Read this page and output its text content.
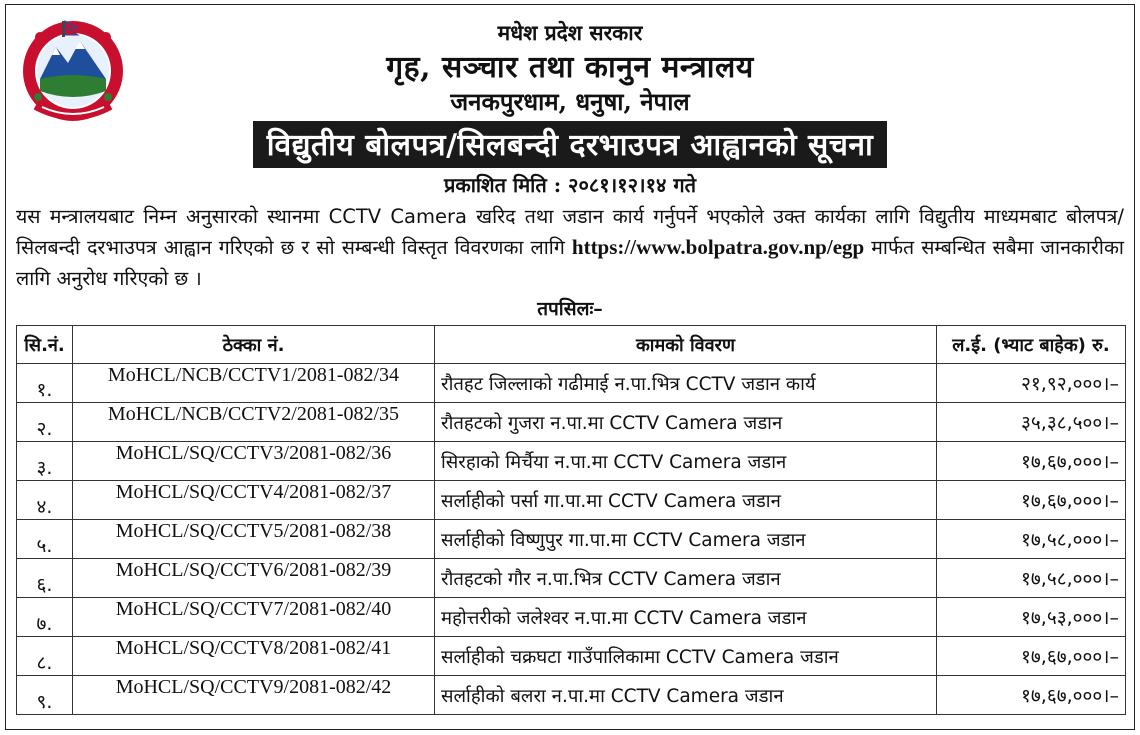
मधेश प्रदेश सरकार
गृह, सञ्चार तथा कानुन मन्त्रालय
जनकपुरधाम, धनुषा, नेपाल
विद्युतीय बोलपत्र/सिलबन्दी दरभाउपत्र आह्वानको सूचना
प्रकाशित मिति : २०८१।१२।१४ गते
यस मन्त्रालयबाट निम्न अनुसारको स्थानमा CCTV Camera खरिद तथा जडान कार्य गर्नुपर्ने भएकोले उक्त कार्यका लागि विद्युतीय माध्यमबाट बोलपत्र/सिलबन्दी दरभाउपत्र आह्वान गरिएको छ र सो सम्बन्धी विस्तृत विवरणका लागि https://www.bolpatra.gov.np/egp मार्फत सम्बन्धित सबैमा जानकारीका लागि अनुरोध गरिएको छ ।
तपसिलः–
सि.नं.	ठेक्का नं.	कामको विवरण	ल.ई. (भ्याट बाहेक) रु.
१.	MoHCL/NCB/CCTV1/2081-082/34	रौतहट जिल्लाको गढीमाई न.पा.भित्र CCTV जडान कार्य	२१,९२,०००।–
२.	MoHCL/NCB/CCTV2/2081-082/35	रौतहटको गुजरा न.पा.मा CCTV Camera जडान	३५,३८,५००।–
३.	MoHCL/SQ/CCTV3/2081-082/36	सिरहाको मिर्चैया न.पा.मा CCTV Camera जडान	१७,६७,०००।–
४.	MoHCL/SQ/CCTV4/2081-082/37	सर्लाहीको पर्सा गा.पा.मा CCTV Camera जडान	१७,६७,०००।–
५.	MoHCL/SQ/CCTV5/2081-082/38	सर्लाहीको विष्णुपुर गा.पा.मा CCTV Camera जडान	१७,५८,०००।–
६.	MoHCL/SQ/CCTV6/2081-082/39	रौतहटको गौर न.पा.भित्र CCTV Camera जडान	१७,५८,०००।–
७.	MoHCL/SQ/CCTV7/2081-082/40	महोत्तरीको जलेश्वर न.पा.मा CCTV Camera जडान	१७,५३,०००।–
८.	MoHCL/SQ/CCTV8/2081-082/41	सर्लाहीको चक्रघटा गाउँपालिकामा CCTV Camera जडान	१७,६७,०००।–
९.	MoHCL/SQ/CCTV9/2081-082/42	सर्लाहीको बलरा न.पा.मा CCTV Camera जडान	१७,६७,०००।–
